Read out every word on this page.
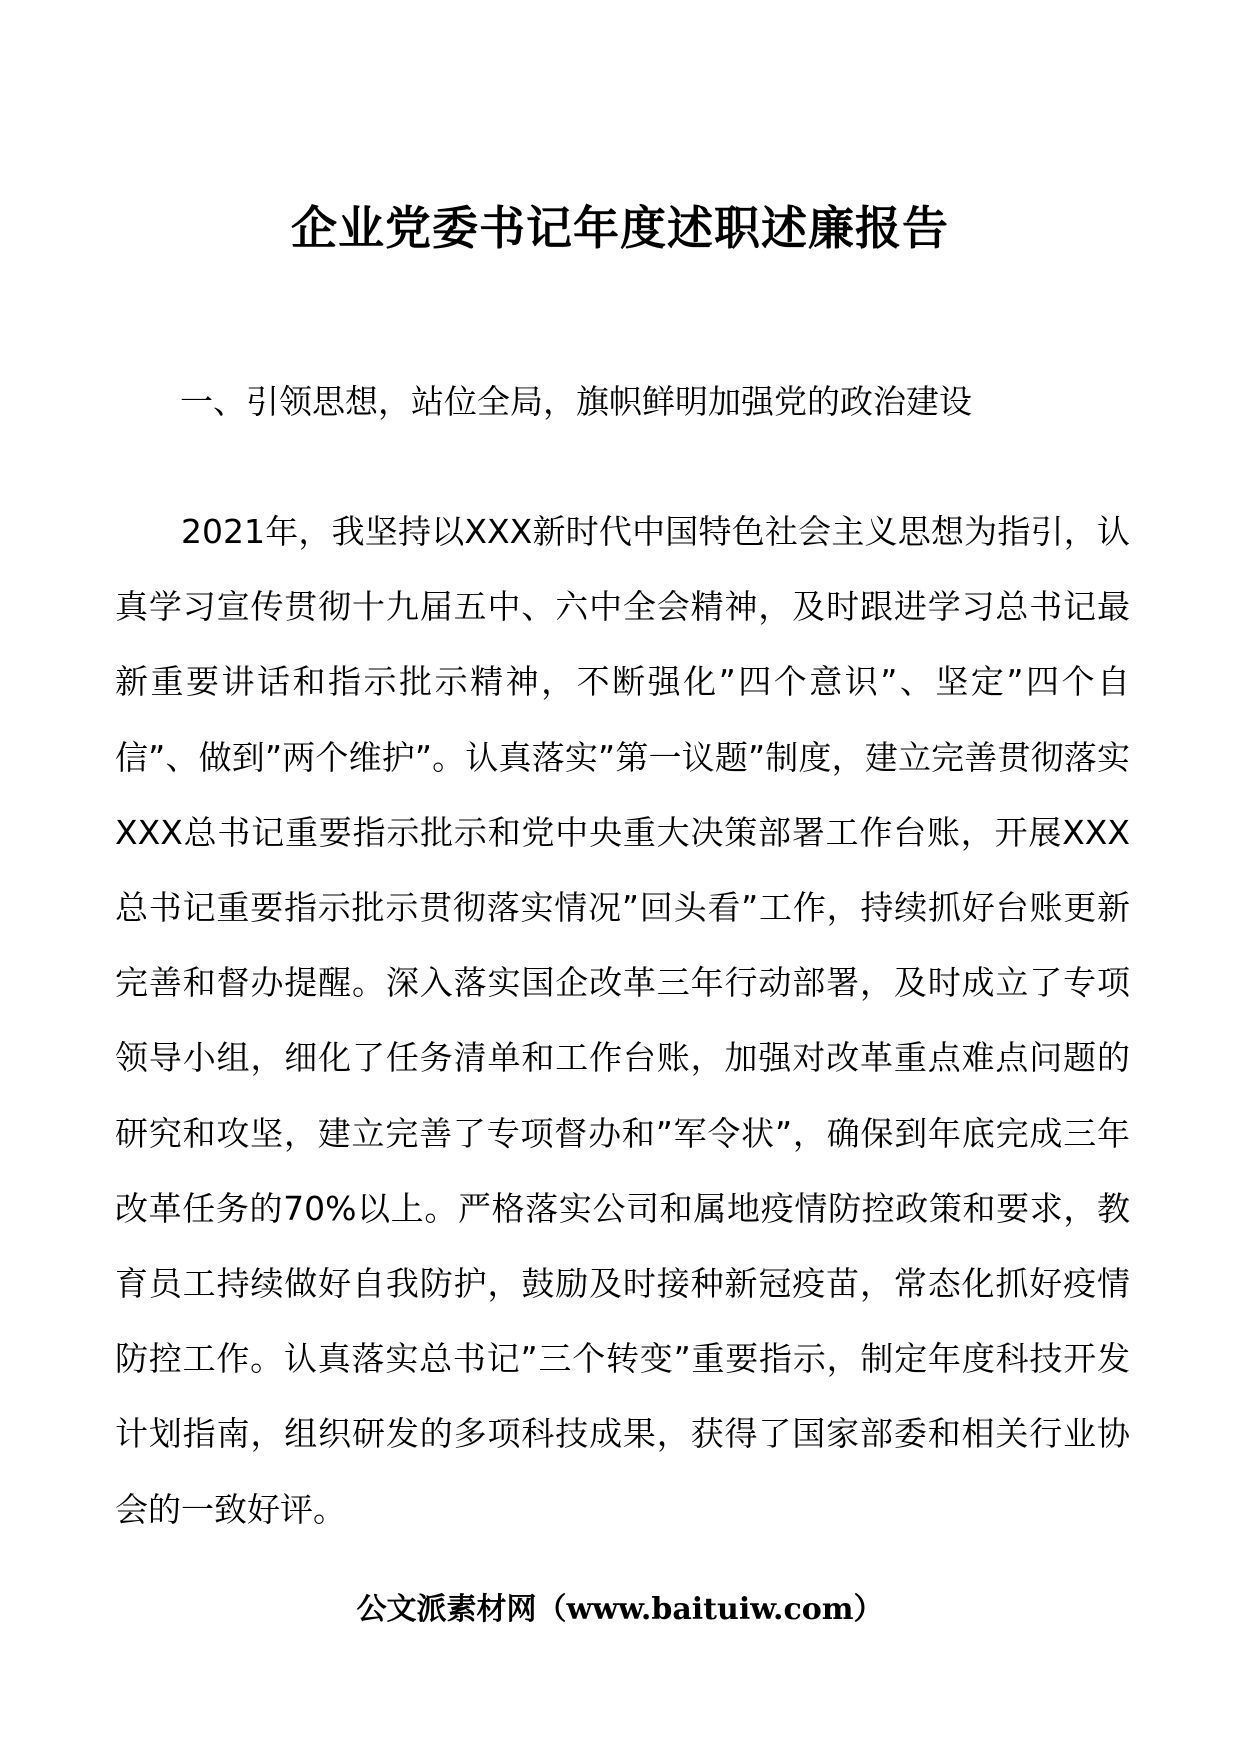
企业党委书记年度述职述廉报告
一、引领思想，站位全局，旗帜鲜明加强党的政治建设

2021年，我坚持以XXX新时代中国特色社会主义思想为指引，认真学习宣传贯彻十九届五中、六中全会精神，及时跟进学习总书记最新重要讲话和指示批示精神，不断强化”四个意识”、坚定”四个自信”、做到”两个维护”。认真落实”第一议题”制度，建立完善贯彻落实XXX总书记重要指示批示和党中央重大决策部署工作台账，开展XXX总书记重要指示批示贯彻落实情况”回头看”工作，持续抓好台账更新完善和督办提醒。深入落实国企改革三年行动部署，及时成立了专项领导小组，细化了任务清单和工作台账，加强对改革重点难点问题的研究和攻坚，建立完善了专项督办和”军令状”，确保到年底完成三年改革任务的70%以上。严格落实公司和属地疫情防控政策和要求，教育员工持续做好自我防护，鼓励及时接种新冠疫苗，常态化抓好疫情防控工作。认真落实总书记”三个转变”重要指示，制定年度科技开发计划指南，组织研发的多项科技成果，获得了国家部委和相关行业协会的一致好评。

公文派素材网（www.baituiw.com）
